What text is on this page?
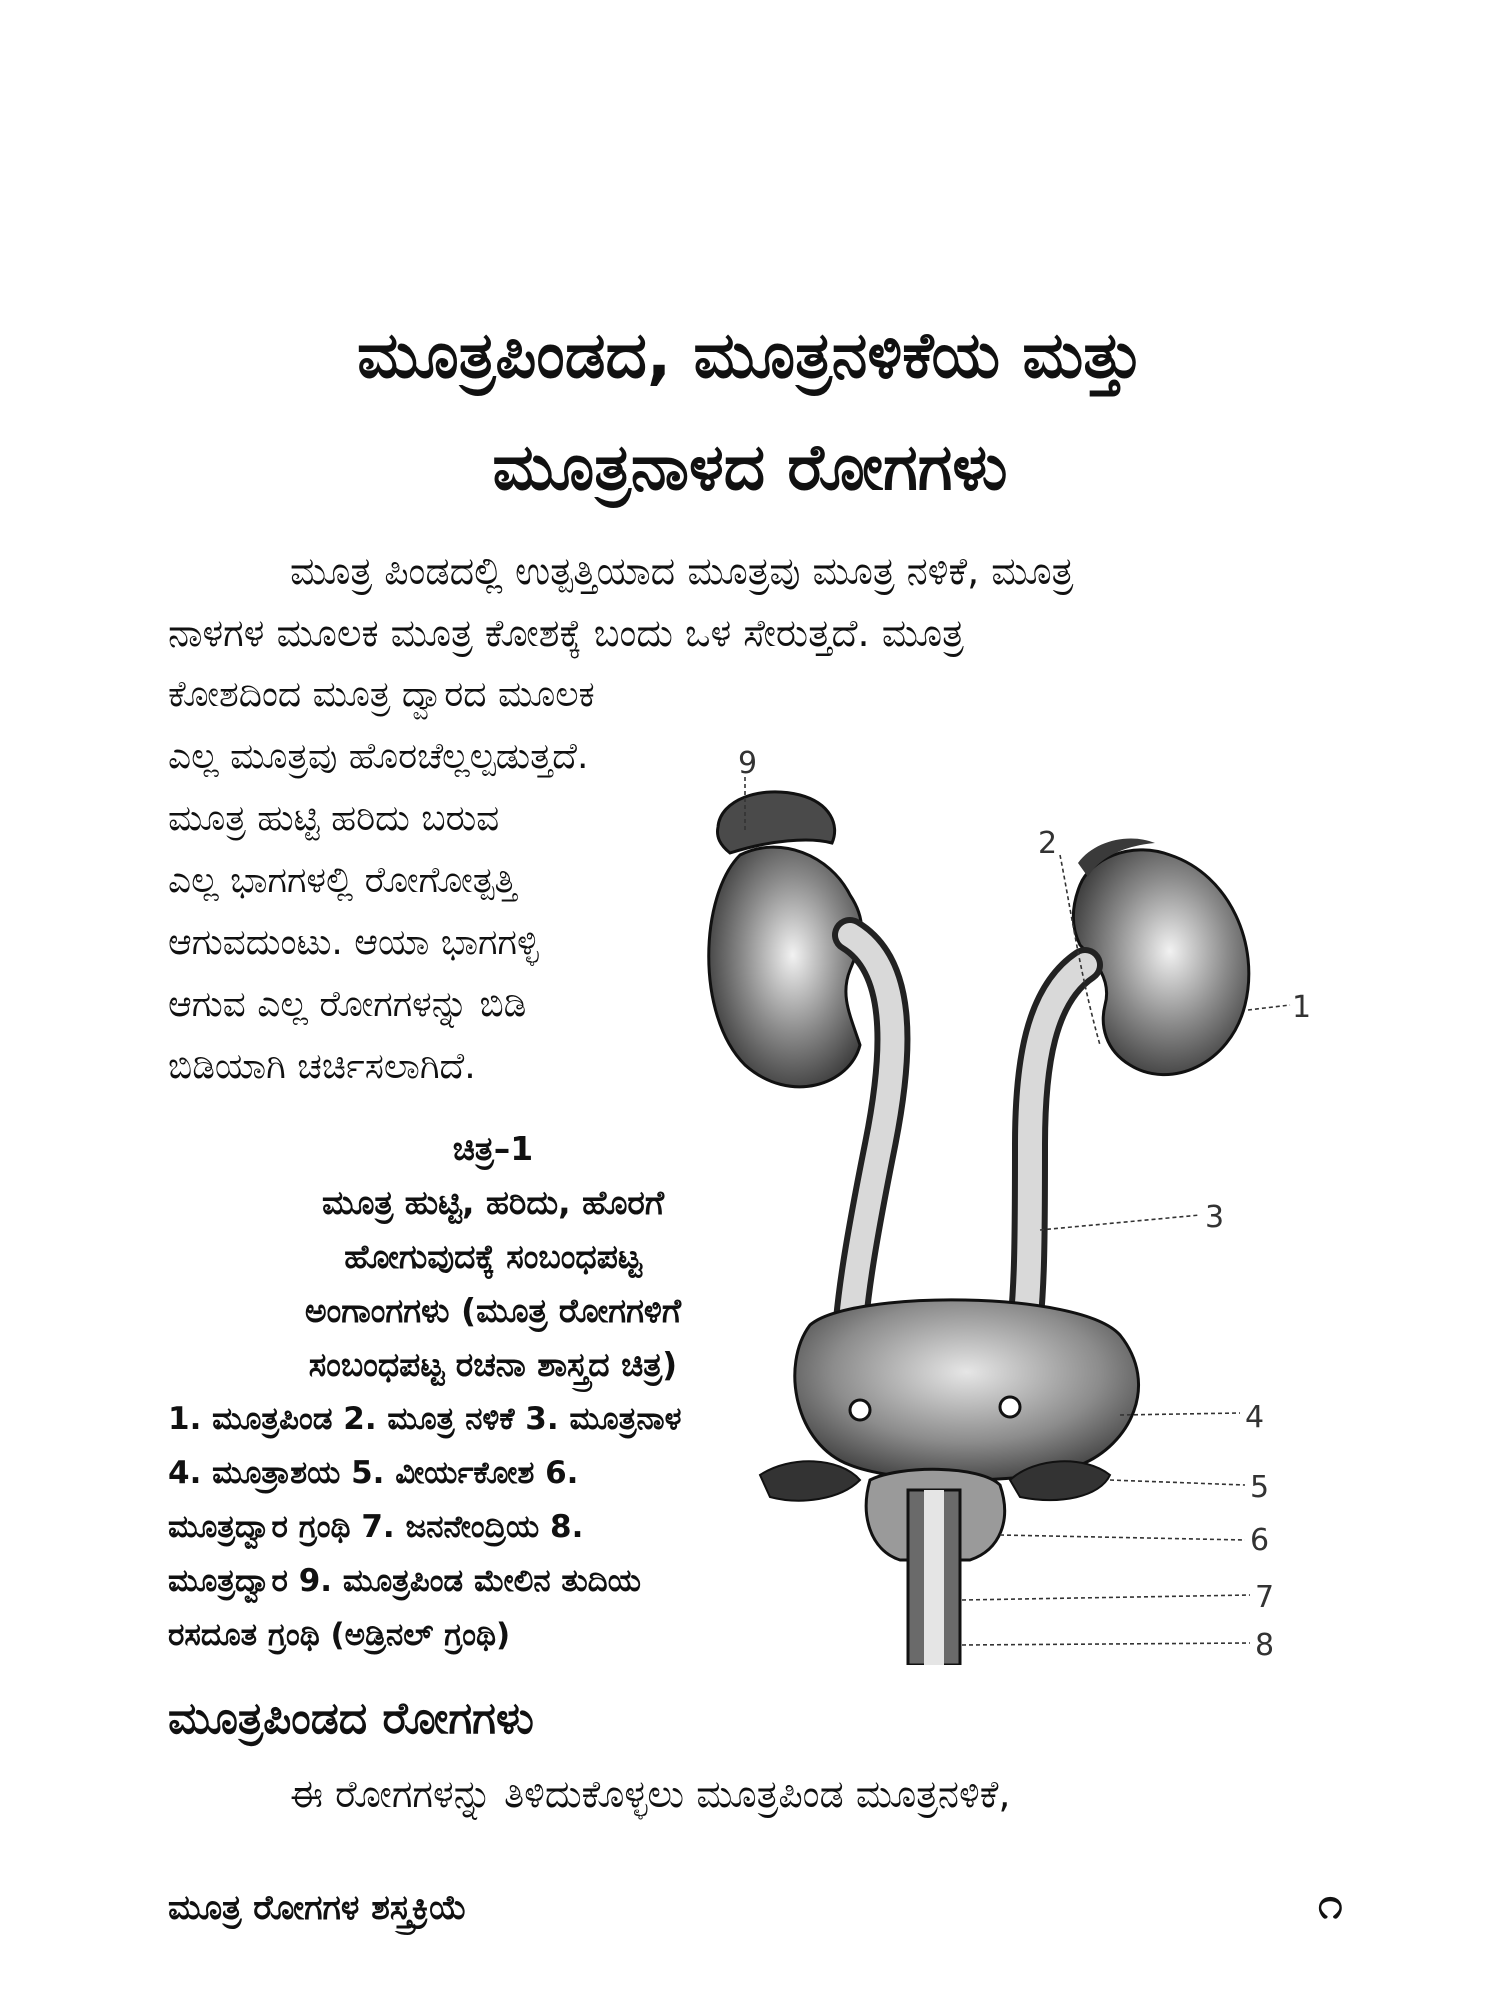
ಮೂತ್ರಪಿಂಡದ, ಮೂತ್ರನಳಿಕೆಯ ಮತ್ತು
ಮೂತ್ರನಾಳದ ರೋಗಗಳು
ಮೂತ್ರ ಪಿಂಡದಲ್ಲಿ ಉತ್ಪತ್ತಿಯಾದ ಮೂತ್ರವು ಮೂತ್ರ ನಳಿಕೆ, ಮೂತ್ರ
ನಾಳಗಳ ಮೂಲಕ ಮೂತ್ರ ಕೋಶಕ್ಕೆ ಬಂದು ಒಳ ಸೇರುತ್ತದೆ. ಮೂತ್ರ
ಕೋಶದಿಂದ ಮೂತ್ರ ದ್ವಾರದ ಮೂಲಕ
ಎಲ್ಲ ಮೂತ್ರವು ಹೊರಚೆಲ್ಲಲ್ಪಡುತ್ತದೆ.
ಮೂತ್ರ ಹುಟ್ಟಿ ಹರಿದು ಬರುವ
ಎಲ್ಲ ಭಾಗಗಳಲ್ಲಿ ರೋಗೋತ್ಪತ್ತಿ
ಆಗುವದುಂಟು. ಆಯಾ ಭಾಗಗಳ್ಳಿ
ಆಗುವ ಎಲ್ಲ ರೋಗಗಳನ್ನು ಬಿಡಿ
ಬಿಡಿಯಾಗಿ ಚರ್ಚಿಸಲಾಗಿದೆ.
ಚಿತ್ರ–1
ಮೂತ್ರ ಹುಟ್ಟಿ, ಹರಿದು, ಹೊರಗೆ
ಹೋಗುವುದಕ್ಕೆ ಸಂಬಂಧಪಟ್ಟ
ಅಂಗಾಂಗಗಳು (ಮೂತ್ರ ರೋಗಗಳಿಗೆ
ಸಂಬಂಧಪಟ್ಟ ರಚನಾ ಶಾಸ್ತ್ರದ ಚಿತ್ರ)
1. ಮೂತ್ರಪಿಂಡ 2. ಮೂತ್ರ ನಳಿಕೆ 3. ಮೂತ್ರನಾಳ
4. ಮೂತ್ರಾಶಯ 5. ವೀರ್ಯಕೋಶ 6.
ಮೂತ್ರದ್ವಾರ ಗ್ರಂಥಿ 7. ಜನನೇಂದ್ರಿಯ 8.
ಮೂತ್ರದ್ವಾರ 9. ಮೂತ್ರಪಿಂಡ ಮೇಲಿನ ತುದಿಯ
ರಸದೂತ ಗ್ರಂಥಿ (ಅಡ್ರಿನಲ್ ಗ್ರಂಥಿ)
9
2
1
3
4
5
6
7
8
ಮೂತ್ರಪಿಂಡದ ರೋಗಗಳು
ಈ ರೋಗಗಳನ್ನು ತಿಳಿದುಕೊಳ್ಳಲು ಮೂತ್ರಪಿಂಡ ಮೂತ್ರನಳಿಕೆ,
ಮೂತ್ರ ರೋಗಗಳ ಶಸ್ತ್ರಕ್ರಿಯೆ	೧
